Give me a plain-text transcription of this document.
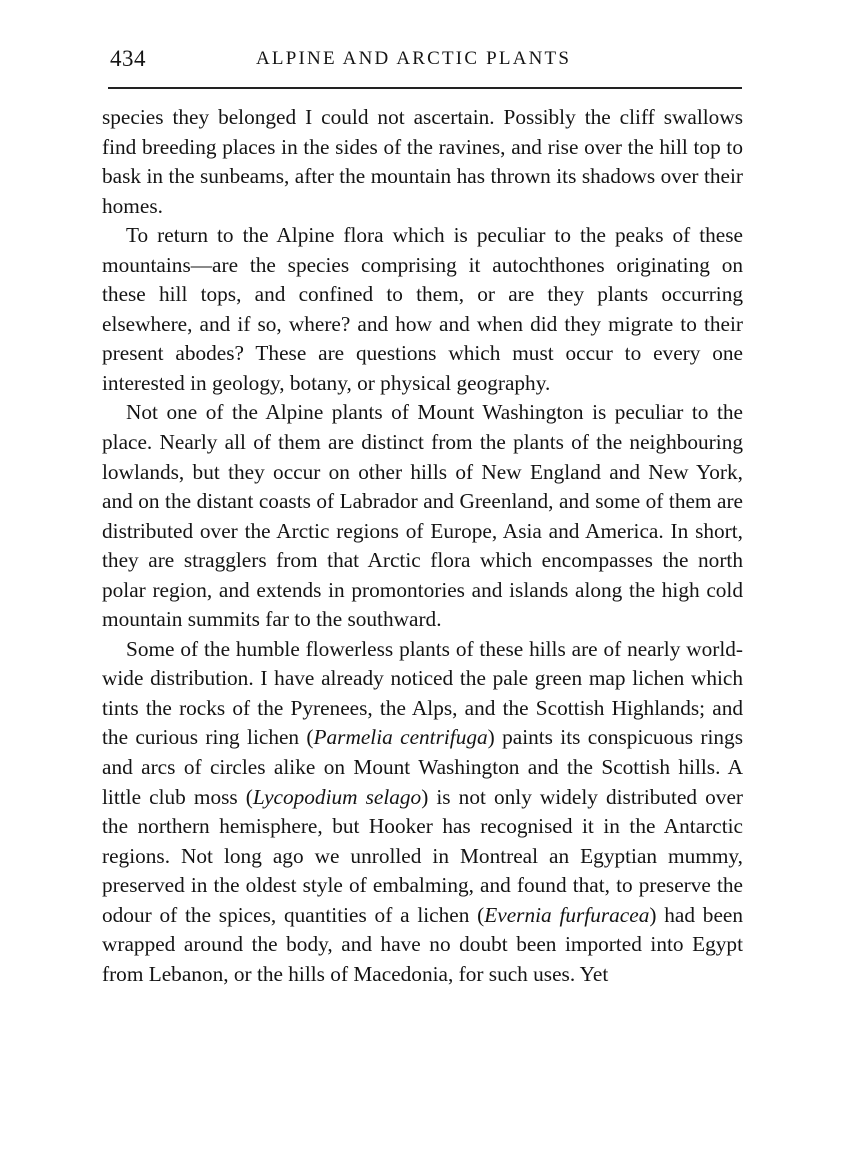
434	ALPINE AND ARCTIC PLANTS

species they belonged I could not ascertain. Possibly the cliff swallows find breeding places in the sides of the ravines, and rise over the hill top to bask in the sunbeams, after the mountain has thrown its shadows over their homes.

To return to the Alpine flora which is peculiar to the peaks of these mountains—are the species comprising it autochthones originating on these hill tops, and confined to them, or are they plants occurring elsewhere, and if so, where? and how and when did they migrate to their present abodes? These are questions which must occur to every one interested in geology, botany, or physical geography.

Not one of the Alpine plants of Mount Washington is peculiar to the place. Nearly all of them are distinct from the plants of the neighbouring lowlands, but they occur on other hills of New England and New York, and on the distant coasts of Labrador and Greenland, and some of them are distributed over the Arctic regions of Europe, Asia and America. In short, they are stragglers from that Arctic flora which encompasses the north polar region, and extends in promontories and islands along the high cold mountain summits far to the southward.

Some of the humble flowerless plants of these hills are of nearly world-wide distribution. I have already noticed the pale green map lichen which tints the rocks of the Pyrenees, the Alps, and the Scottish Highlands; and the curious ring lichen (Parmelia centrifuga) paints its conspicuous rings and arcs of circles alike on Mount Washington and the Scottish hills. A little club moss (Lycopodium selago) is not only widely distributed over the northern hemisphere, but Hooker has recognised it in the Antarctic regions. Not long ago we unrolled in Montreal an Egyptian mummy, preserved in the oldest style of embalming, and found that, to preserve the odour of the spices, quantities of a lichen (Evernia furfuracea) had been wrapped around the body, and have no doubt been imported into Egypt from Lebanon, or the hills of Macedonia, for such uses. Yet
